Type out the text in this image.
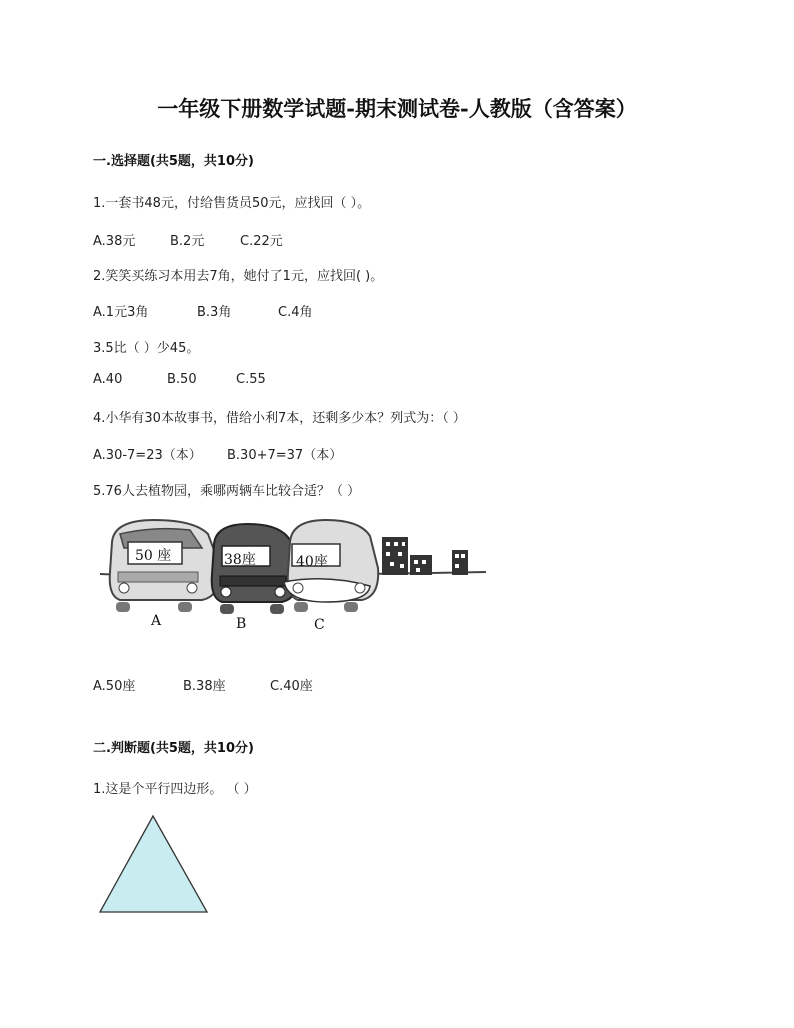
一年级下册数学试题-期末测试卷-人教版（含答案）
一.选择题(共5题，共10分)
1.一套书48元，付给售货员50元，应找回（ ）。
A.38元	B.2元	C.22元
2.笑笑买练习本用去7角，她付了1元，应找回( )。
A.1元3角	B.3角	C.4角
3.5比（ ）少45。
A.40	B.50	C.55
4.小华有30本故事书，借给小利7本，还剩多少本？列式为：（ ）
A.30-7=23（本） B.30+7=37（本）
5.76人去植物园，乘哪两辆车比较合适？（ ）
50 座	38座	40座
A	B	C
A.50座	B.38座	C.40座
二.判断题(共5题，共10分)
1.这是个平行四边形。 （ ）
